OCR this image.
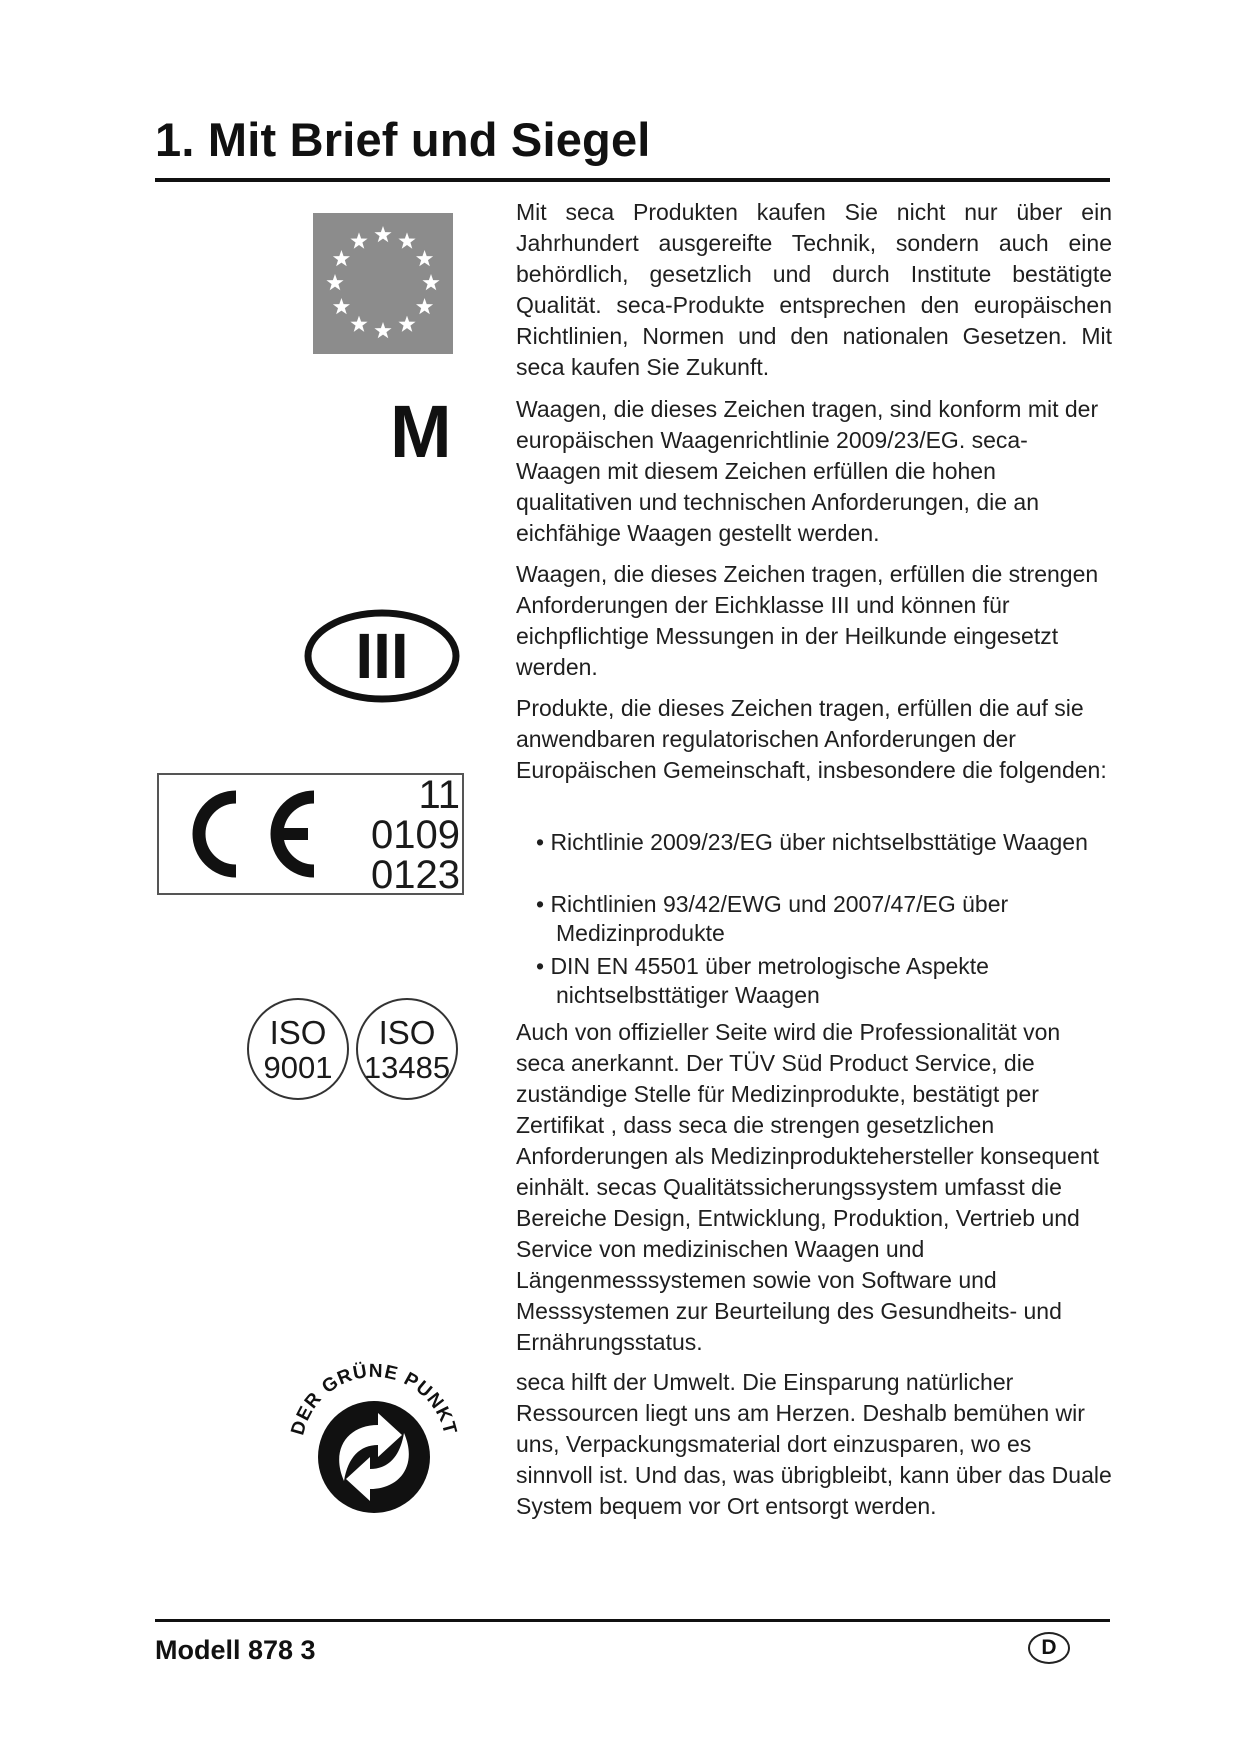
1. Mit Brief und Siegel
M
III
11
0109
0123
ISO
9001
ISO
13485
DER GRÜNE PUNKT

Mit seca Produkten kaufen Sie nicht nur über ein Jahrhundert ausgereifte Technik, sondern auch eine behördlich, gesetzlich und durch Institute bestätigte Qualität. seca-Produkte entsprechen den europäischen Richtlinien, Normen und den nationalen Gesetzen. Mit seca kaufen Sie Zukunft.

Waagen, die dieses Zeichen tragen, sind konform mit der europäischen Waagenrichtlinie 2009/23/EG. seca-Waagen mit diesem Zeichen erfüllen die hohen qualitativen und technischen Anforderungen, die an eichfähige Waagen gestellt werden.

Waagen, die dieses Zeichen tragen, erfüllen die strengen Anforderungen der Eichklasse III und können für eichpflichtige Messungen in der Heilkunde eingesetzt werden.

Produkte, die dieses Zeichen tragen, erfüllen die auf sie anwendbaren regulatorischen Anforderungen der Europäischen Gemeinschaft, insbesondere die folgenden:

• Richtlinie 2009/23/EG über nichtselbsttätige Waagen

• Richtlinien 93/42/EWG und 2007/47/EG über Medizinprodukte

• DIN EN 45501 über metrologische Aspekte nichtselbsttätiger Waagen

Auch von offizieller Seite wird die Professionalität von seca anerkannt. Der TÜV Süd Product Service, die zuständige Stelle für Medizinprodukte, bestätigt per Zertifikat , dass seca die strengen gesetzlichen Anforderungen als Medizinproduktehersteller konsequent einhält. secas Qualitätssicherungssystem umfasst die Bereiche Design, Entwicklung, Produktion, Vertrieb und Service von medizinischen Waagen und Längenmesssystemen sowie von Software und Messsystemen zur Beurteilung des Gesundheits- und Ernährungsstatus.

seca hilft der Umwelt. Die Einsparung natürlicher Ressourcen liegt uns am Herzen. Deshalb bemühen wir uns, Verpackungsmaterial dort einzusparen, wo es sinnvoll ist. Und das, was übrigbleibt, kann über das Duale System bequem vor Ort entsorgt werden.

Modell 878 3	D
